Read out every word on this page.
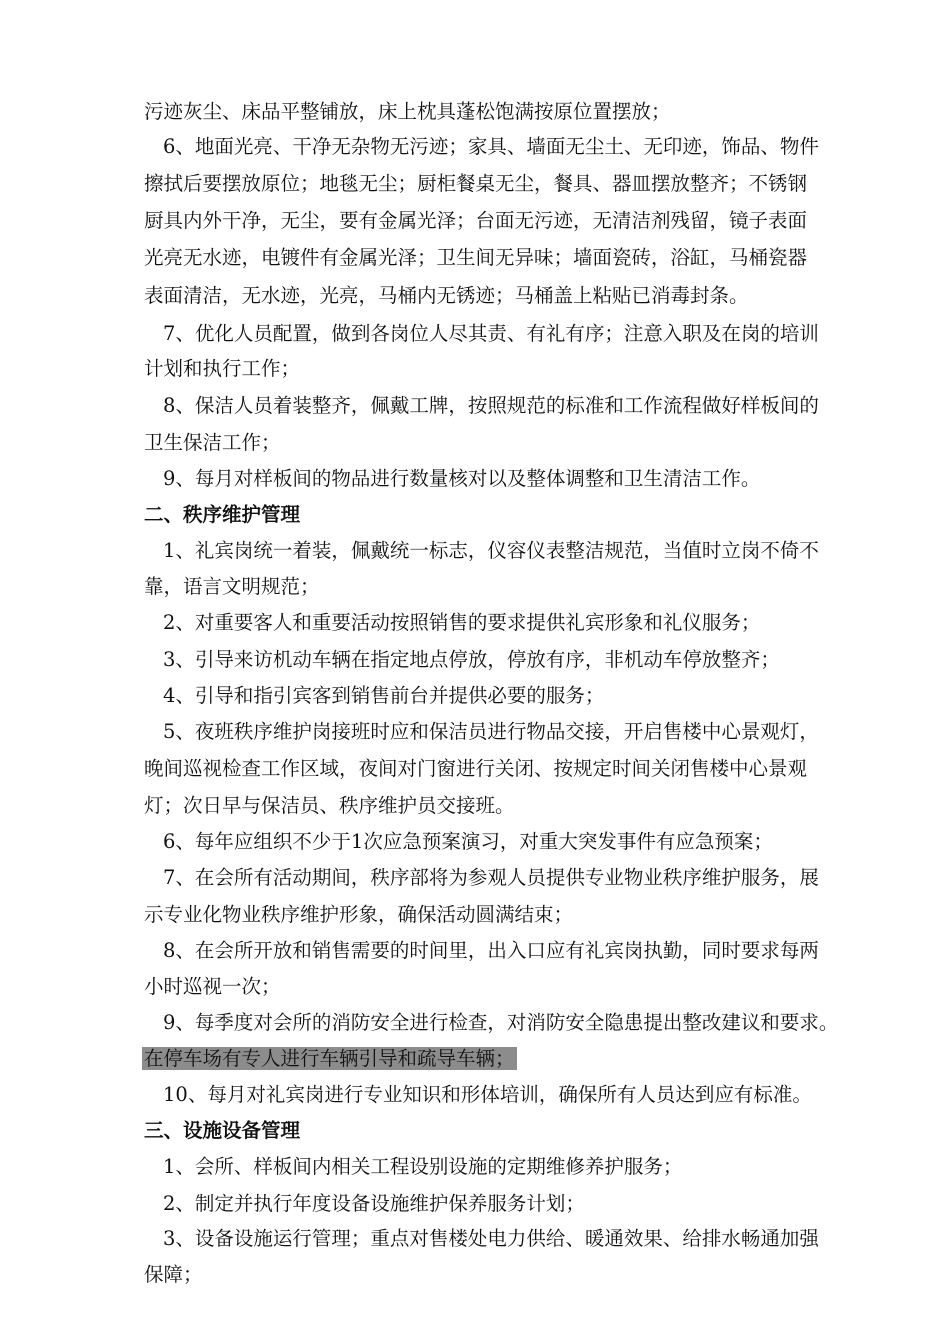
污迹灰尘、床品平整铺放，床上枕具蓬松饱满按原位置摆放；
6、地面光亮、干净无杂物无污迹；家具、墙面无尘土、无印迹，饰品、物件
擦拭后要摆放原位；地毯无尘；厨柜餐桌无尘，餐具、器皿摆放整齐；不锈钢
厨具内外干净，无尘，要有金属光泽；台面无污迹，无清洁剂残留，镜子表面
光亮无水迹，电镀件有金属光泽；卫生间无异味；墙面瓷砖，浴缸，马桶瓷器
表面清洁，无水迹，光亮，马桶内无锈迹；马桶盖上粘贴已消毒封条。
7、优化人员配置，做到各岗位人尽其责、有礼有序；注意入职及在岗的培训
计划和执行工作；
8、保洁人员着装整齐，佩戴工牌，按照规范的标准和工作流程做好样板间的
卫生保洁工作；
9、每月对样板间的物品进行数量核对以及整体调整和卫生清洁工作。
二、秩序维护管理
1、礼宾岗统一着装，佩戴统一标志，仪容仪表整洁规范，当值时立岗不倚不
靠，语言文明规范；
2、对重要客人和重要活动按照销售的要求提供礼宾形象和礼仪服务；
3、引导来访机动车辆在指定地点停放，停放有序，非机动车停放整齐；
4、引导和指引宾客到销售前台并提供必要的服务；
5、夜班秩序维护岗接班时应和保洁员进行物品交接，开启售楼中心景观灯，
晚间巡视检查工作区域，夜间对门窗进行关闭、按规定时间关闭售楼中心景观
灯；次日早与保洁员、秩序维护员交接班。
6、每年应组织不少于1次应急预案演习，对重大突发事件有应急预案；
7、在会所有活动期间，秩序部将为参观人员提供专业物业秩序维护服务，展
示专业化物业秩序维护形象，确保活动圆满结束；
8、在会所开放和销售需要的时间里，出入口应有礼宾岗执勤，同时要求每两
小时巡视一次；
9、每季度对会所的消防安全进行检查，对消防安全隐患提出整改建议和要求。
在停车场有专人进行车辆引导和疏导车辆；
10、每月对礼宾岗进行专业知识和形体培训，确保所有人员达到应有标准。
三、设施设备管理
1、会所、样板间内相关工程设别设施的定期维修养护服务；
2、制定并执行年度设备设施维护保养服务计划；
3、设备设施运行管理；重点对售楼处电力供给、暖通效果、给排水畅通加强
保障；
